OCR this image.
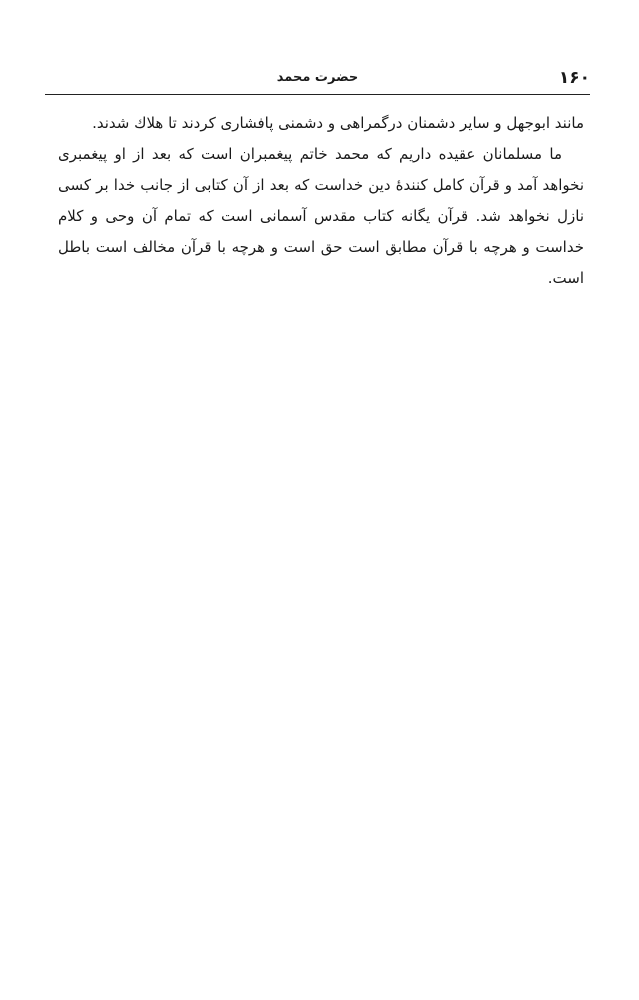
۱۶۰
حضرت محمد

مانند ابوجهل و سایر دشمنان درگمراهی و دشمنی پافشاری کردند تا هلاك شدند.

ما مسلمانان عقیده داریم که محمد خاتم پیغمبران است که بعد از او پیغمبری نخواهد آمد و قرآن کامل کنندهٔ دین خداست که بعد از آن کتابی از جانب خدا بر کسی نازل نخواهد شد. قرآن یگانه کتاب مقدس آسمانی است که تمام آن وحی و کلام خداست و هرچه با قرآن مطابق است حق است و هرچه با قرآن مخالف است باطل است.
